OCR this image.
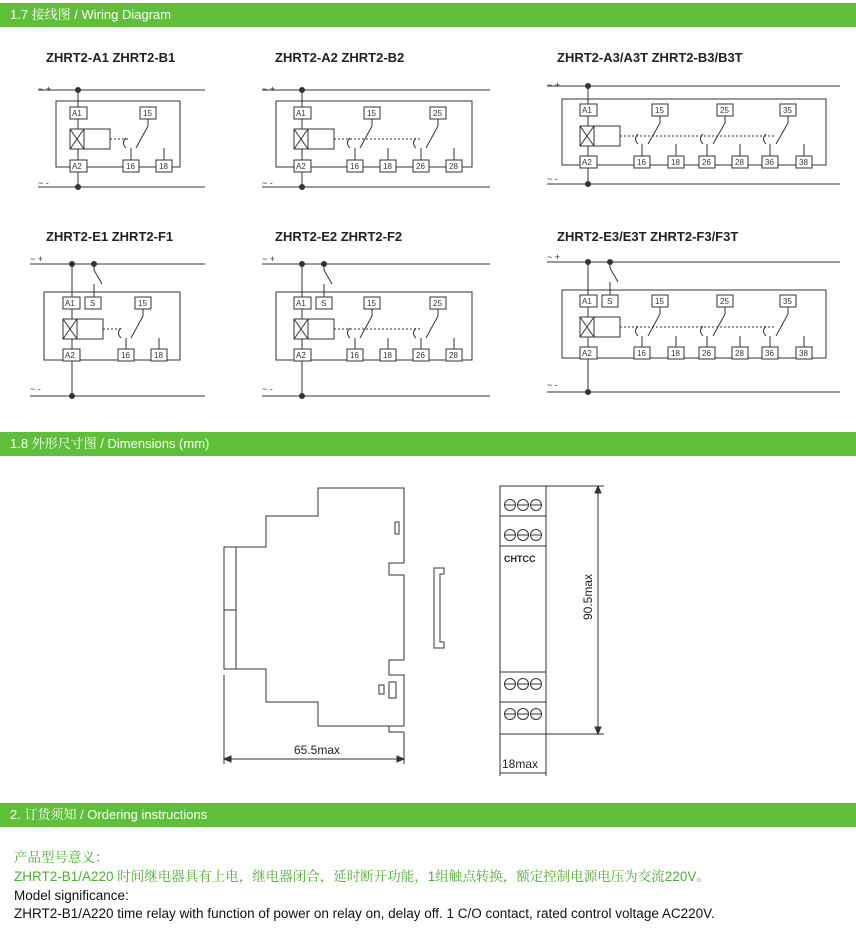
1.7 接线图 / Wiring Diagram
ZHRT2-A1 ZHRT2-B1	ZHRT2-A2 ZHRT2-B2	ZHRT2-A3/A3T ZHRT2-B3/B3T
ZHRT2-E1 ZHRT2-F1	ZHRT2-E2 ZHRT2-F2	ZHRT2-E3/E3T ZHRT2-F3/F3T
~ +
~ -
A1
A2
15
16	18
~ +
~ -
A1
A2
15
16	18
25
26	28
~ +
~ -
A1
A2
15
16	18
25
26	28
35
36	38
~ +
~ -
A1 S
A2
15
16	18
~ +
~ -
A1 S
A2
15
16	18
25
26	28
~ +
~ -
A1 S
A2
15
16	18
25
26	28
35
36	38
1.8 外形尺寸图 / Dimensions (mm)
65.5max
CHTCC
90.5max
18max
2. 订货须知 / Ordering instructions
产品型号意义：
ZHRT2-B1/A220 时间继电器具有上电，继电器闭合，延时断开功能，1组触点转换，额定控制电源电压为交流220V。
Model significance:
ZHRT2-B1/A220 time relay with function of power on relay on, delay off. 1 C/O contact, rated control voltage AC220V.
